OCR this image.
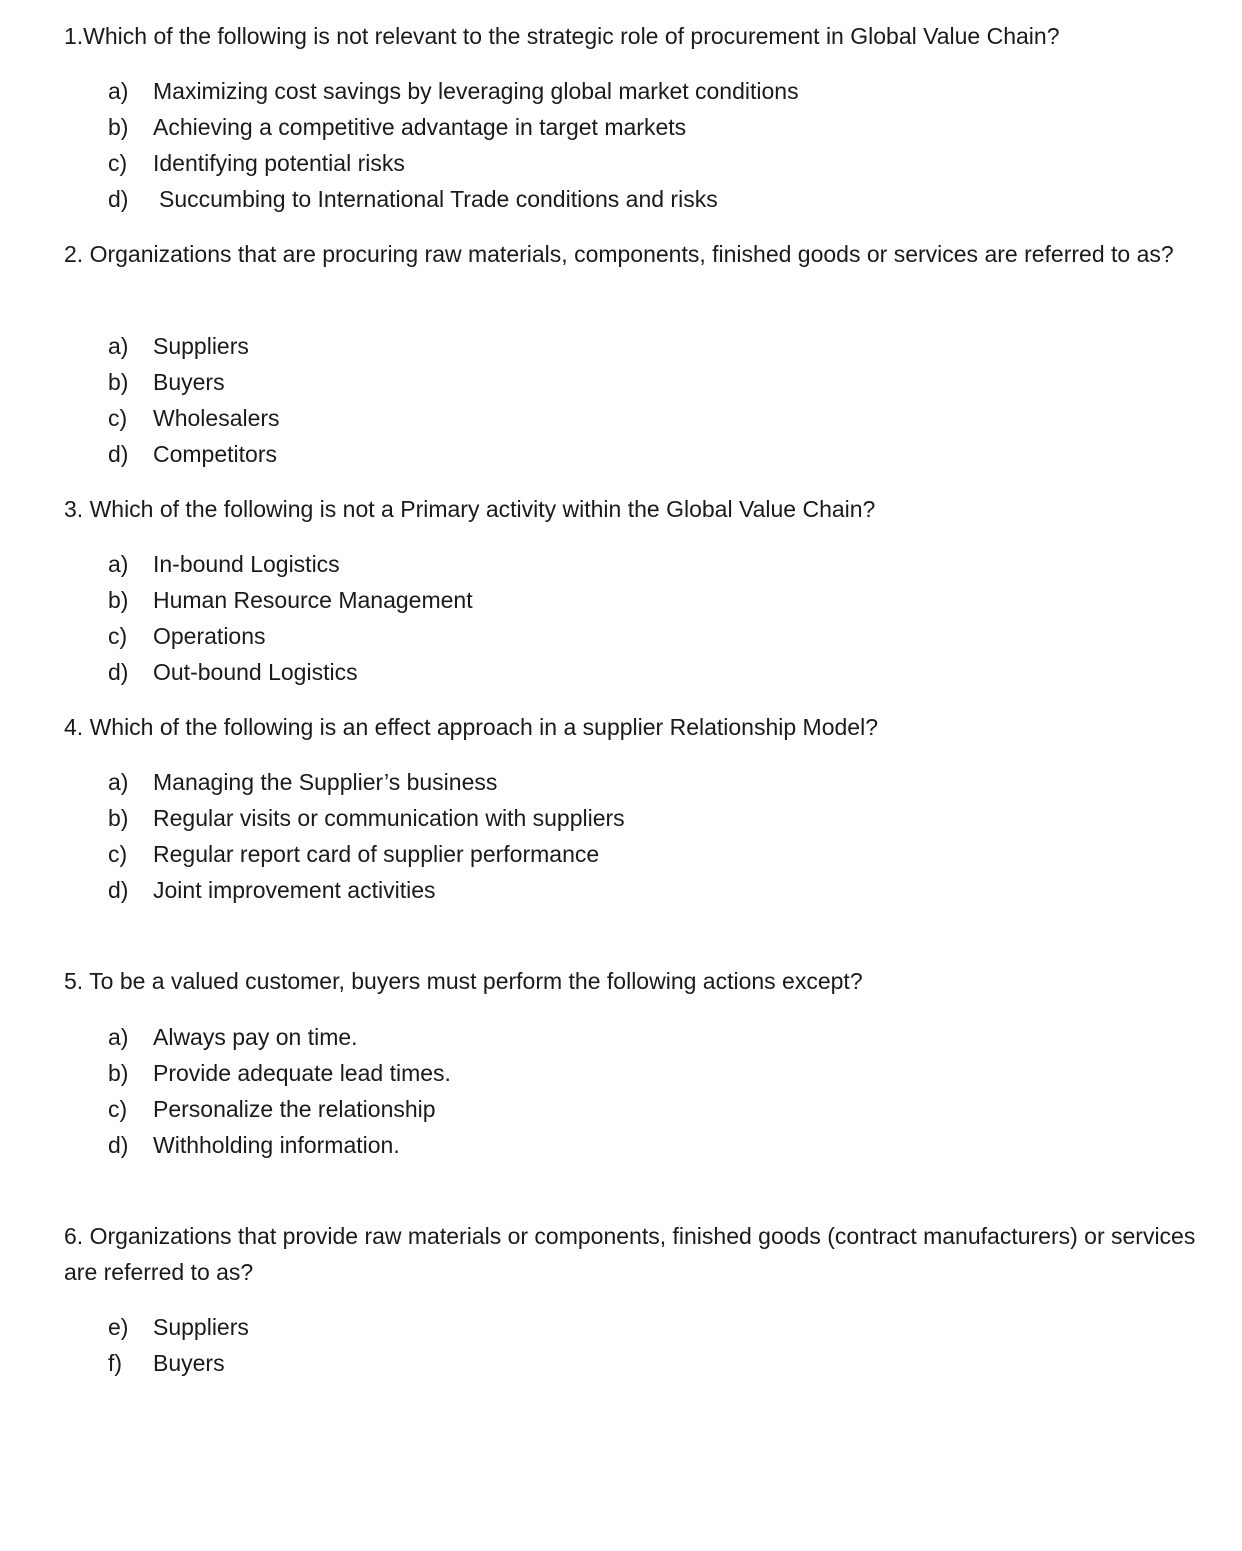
1.Which of the following is not relevant to the strategic role of procurement in Global Value Chain?

a) Maximizing cost savings by leveraging global market conditions
b) Achieving a competitive advantage in target markets
c) Identifying potential risks
d) Succumbing to International Trade conditions and risks

2. Organizations that are procuring raw materials, components, finished goods or services are referred to as?

a) Suppliers
b) Buyers
c) Wholesalers
d) Competitors

3. Which of the following is not a Primary activity within the Global Value Chain?

a) In-bound Logistics
b) Human Resource Management
c) Operations
d) Out-bound Logistics

4. Which of the following is an effect approach in a supplier Relationship Model?

a) Managing the Supplier’s business
b) Regular visits or communication with suppliers
c) Regular report card of supplier performance
d) Joint improvement activities

5. To be a valued customer, buyers must perform the following actions except?

a) Always pay on time.
b) Provide adequate lead times.
c) Personalize the relationship
d) Withholding information.

6. Organizations that provide raw materials or components, finished goods (contract manufacturers) or services are referred to as?

e) Suppliers
f) Buyers
